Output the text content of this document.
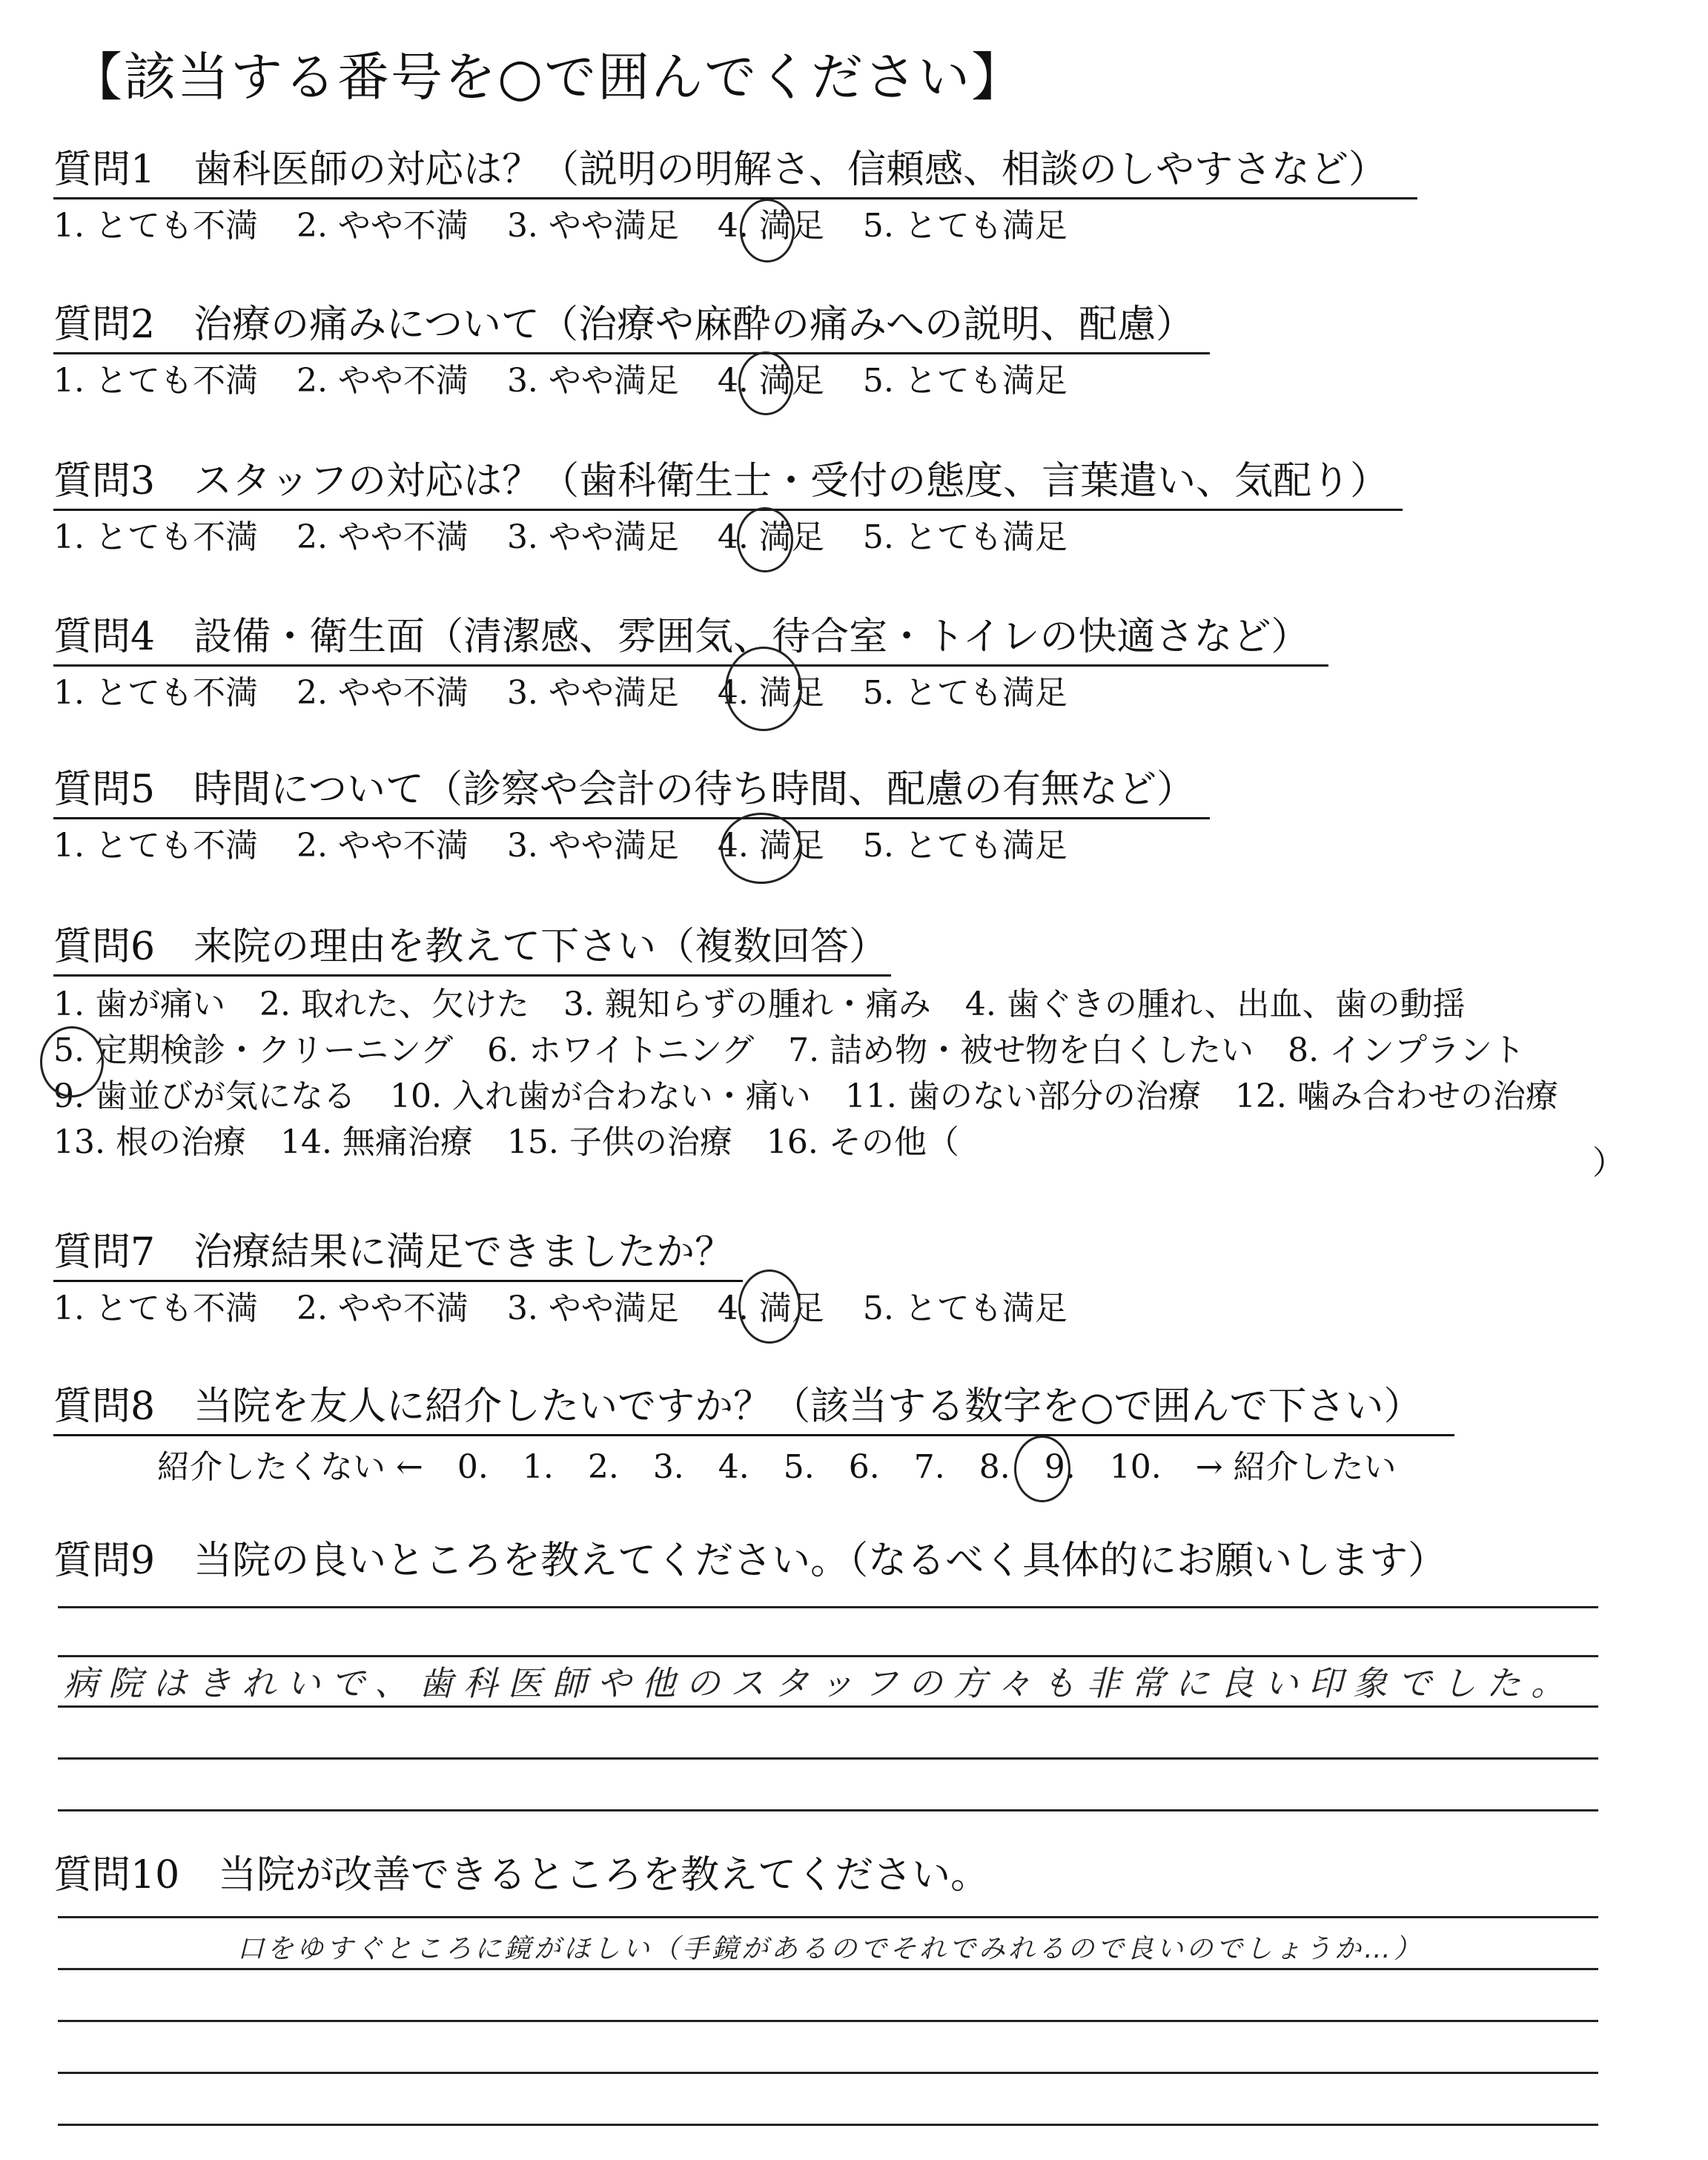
【該当する番号を○で囲んでください】
質問1　歯科医師の対応は？（説明の明解さ、信頼感、相談のしやすさなど）
1. とても不満 2. やや不満 3. やや満足 4. 満足 5. とても満足
質問2　治療の痛みについて（治療や麻酔の痛みへの説明、配慮）
1. とても不満 2. やや不満 3. やや満足 4. 満足 5. とても満足
質問3　スタッフの対応は？（歯科衛生士・受付の態度、言葉遣い、気配り）
1. とても不満 2. やや不満 3. やや満足 4. 満足 5. とても満足
質問4　設備・衛生面（清潔感、雰囲気、待合室・トイレの快適さなど）
1. とても不満 2. やや不満 3. やや満足 4. 満足 5. とても満足
質問5　時間について（診察や会計の待ち時間、配慮の有無など）
1. とても不満 2. やや不満 3. やや満足 4. 満足 5. とても満足
質問6　来院の理由を教えて下さい（複数回答）
1. 歯が痛い 2. 取れた、欠けた 3. 親知らずの腫れ・痛み 4. 歯ぐきの腫れ、出血、歯の動揺
5. 定期検診・クリーニング 6. ホワイトニング 7. 詰め物・被せ物を白くしたい 8. インプラント
9. 歯並びが気になる 10. 入れ歯が合わない・痛い 11. 歯のない部分の治療 12. 噛み合わせの治療
13. 根の治療 14. 無痛治療 15. 子供の治療 16. その他（
）
質問7　治療結果に満足できましたか？
1. とても不満 2. やや不満 3. やや満足 4. 満足 5. とても満足
質問8　当院を友人に紹介したいですか？（該当する数字を○で囲んで下さい）
紹介したくない ← 0. 1. 2. 3. 4. 5. 6. 7. 8. 9. 10. → 紹介したい
質問9　当院の良いところを教えてください。（なるべく具体的にお願いします）
病院はきれいで、歯科医師や他のスタッフの方々も非常に良い印象でした。
質問10　当院が改善できるところを教えてください。
口をゆすぐところに鏡がほしい（手鏡があるのでそれでみれるので良いのでしょうか…）
